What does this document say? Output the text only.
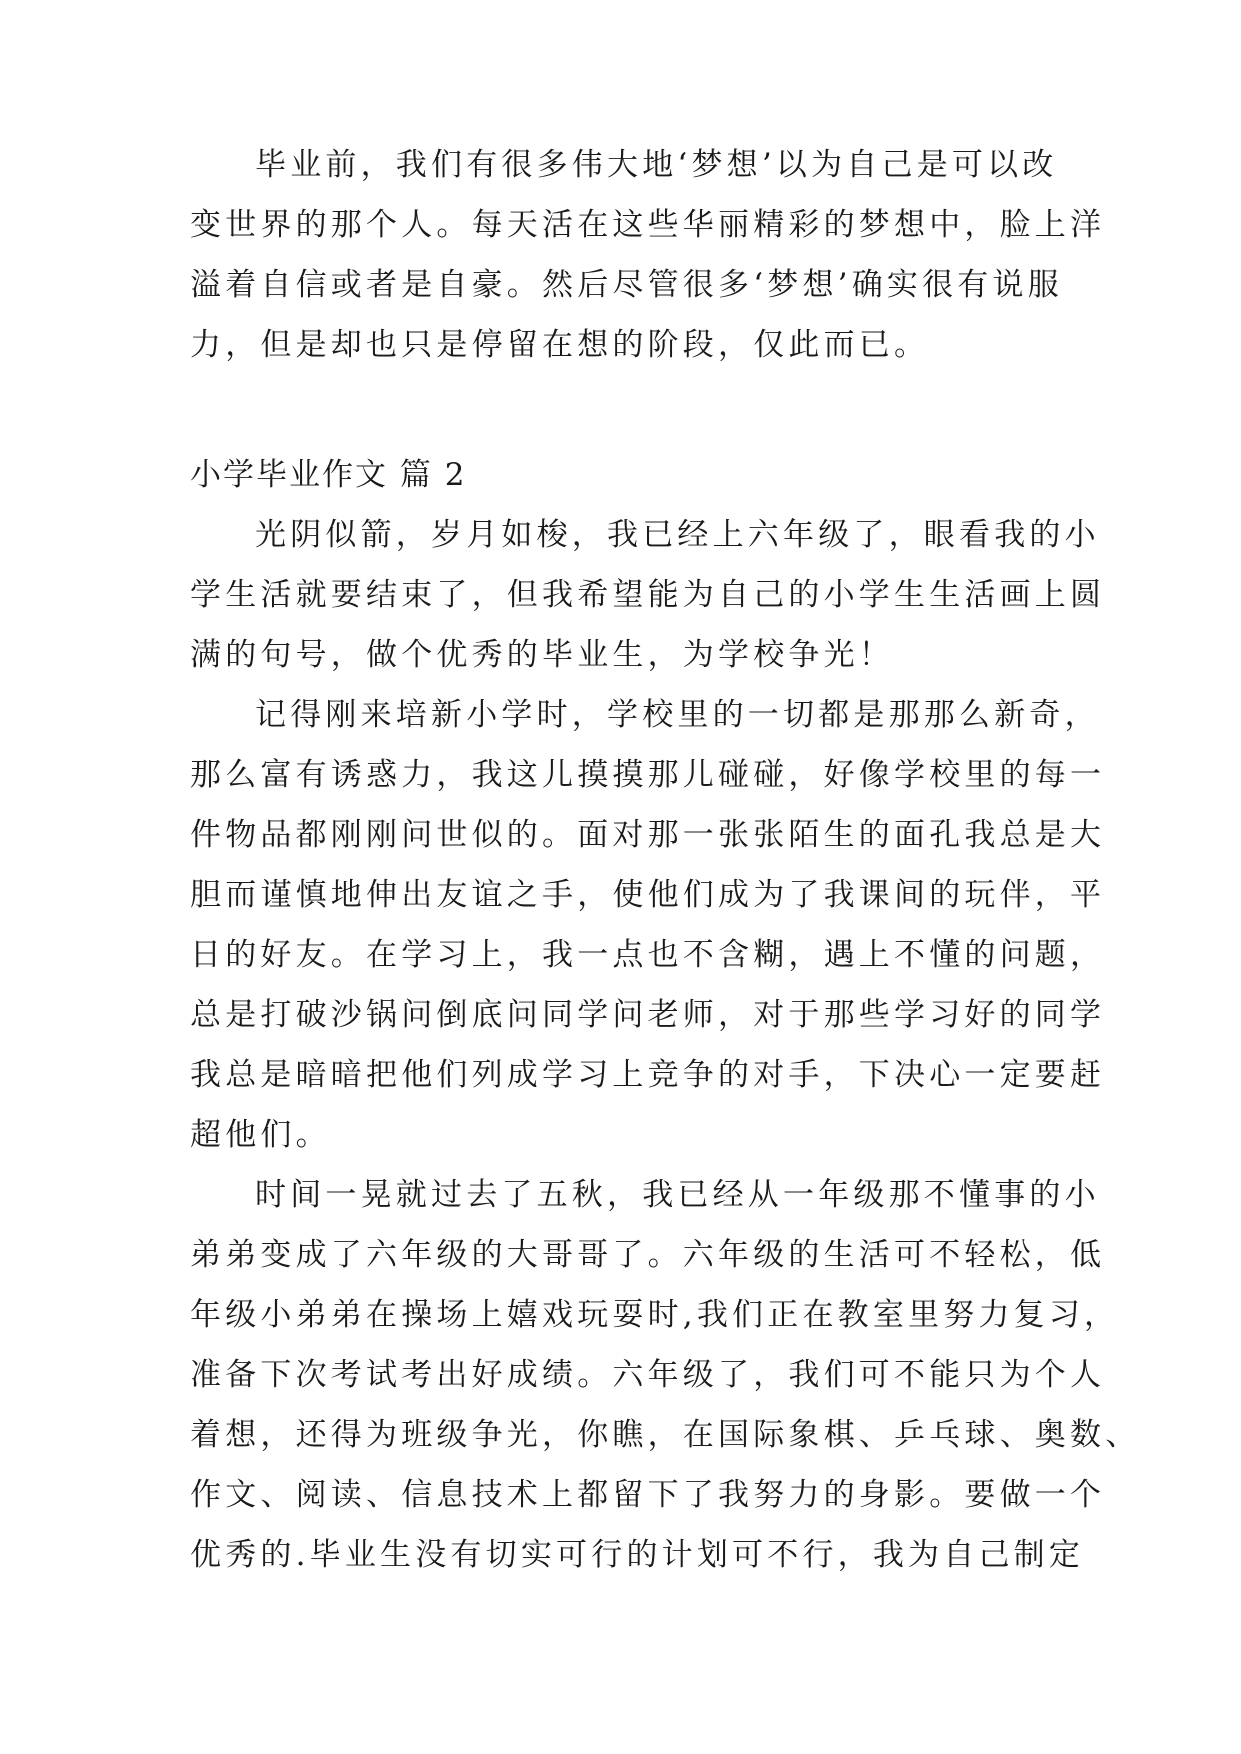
毕业前，我们有很多伟大地‘梦想’以为自己是可以改
变世界的那个人。每天活在这些华丽精彩的梦想中，脸上洋
溢着自信或者是自豪。然后尽管很多‘梦想’确实很有说服
力，但是却也只是停留在想的阶段，仅此而已。
小学毕业作文 篇 2
光阴似箭，岁月如梭，我已经上六年级了，眼看我的小
学生活就要结束了，但我希望能为自己的小学生生活画上圆
满的句号，做个优秀的毕业生，为学校争光！
记得刚来培新小学时，学校里的一切都是那那么新奇，
那么富有诱惑力，我这儿摸摸那儿碰碰，好像学校里的每一
件物品都刚刚问世似的。面对那一张张陌生的面孔我总是大
胆而谨慎地伸出友谊之手，使他们成为了我课间的玩伴，平
日的好友。在学习上，我一点也不含糊，遇上不懂的问题，
总是打破沙锅问倒底问同学问老师，对于那些学习好的同学
我总是暗暗把他们列成学习上竞争的对手，下决心一定要赶
超他们。
时间一晃就过去了五秋，我已经从一年级那不懂事的小
弟弟变成了六年级的大哥哥了。六年级的生活可不轻松，低
年级小弟弟在操场上嬉戏玩耍时,我们正在教室里努力复习，
准备下次考试考出好成绩。六年级了，我们可不能只为个人
着想，还得为班级争光，你瞧，在国际象棋、乒乓球、奥数、
作文、阅读、信息技术上都留下了我努力的身影。要做一个
优秀的.毕业生没有切实可行的计划可不行，我为自己制定
